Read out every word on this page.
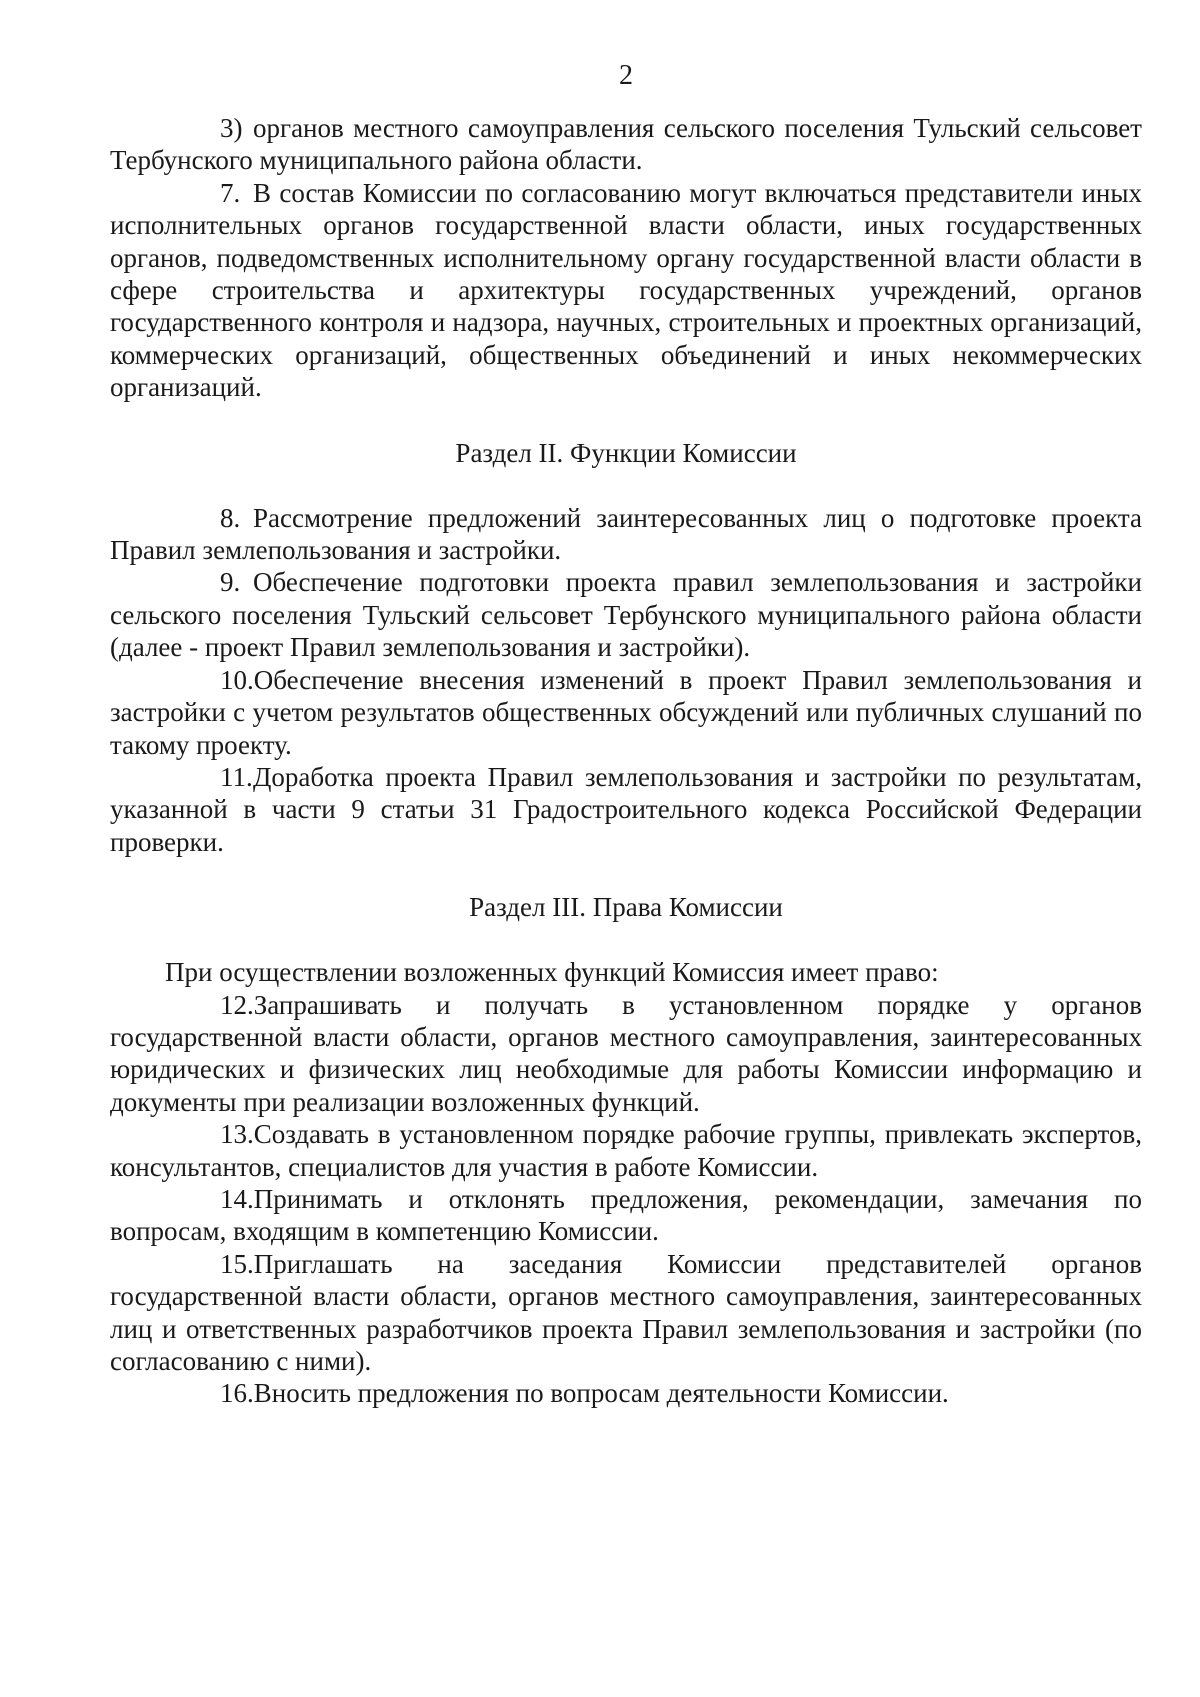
2

3) органов местного самоуправления сельского поселения Тульский сельсовет Тербунского муниципального района области.

7. В состав Комиссии по согласованию могут включаться представители иных исполнительных органов государственной власти области, иных государственных органов, подведомственных исполнительному органу государственной власти области в сфере строительства и архитектуры государственных учреждений, органов государственного контроля и надзора, научных, строительных и проектных организаций, коммерческих организаций, общественных объединений и иных некоммерческих организаций.

Раздел II. Функции Комиссии

8. Рассмотрение предложений заинтересованных лиц о подготовке проекта Правил землепользования и застройки.

9. Обеспечение подготовки проекта правил землепользования и застройки сельского поселения Тульский сельсовет Тербунского муниципального района области (далее - проект Правил землепользования и застройки).

10.Обеспечение внесения изменений в проект Правил землепользования и застройки с учетом результатов общественных обсуждений или публичных слушаний по такому проекту.

11.Доработка проекта Правил землепользования и застройки по результатам, указанной в части 9 статьи 31 Градостроительного кодекса Российской Федерации проверки.

Раздел III. Права Комиссии

При осуществлении возложенных функций Комиссия имеет право:

12.Запрашивать и получать в установленном порядке у органов государственной власти области, органов местного самоуправления, заинтересованных юридических и физических лиц необходимые для работы Комиссии информацию и документы при реализации возложенных функций.

13.Создавать в установленном порядке рабочие группы, привлекать экспертов, консультантов, специалистов для участия в работе Комиссии.

14.Принимать и отклонять предложения, рекомендации, замечания по вопросам, входящим в компетенцию Комиссии.

15.Приглашать на заседания Комиссии представителей органов государственной власти области, органов местного самоуправления, заинтересованных лиц и ответственных разработчиков проекта Правил землепользования и застройки (по согласованию с ними).

16.Вносить предложения по вопросам деятельности Комиссии.
